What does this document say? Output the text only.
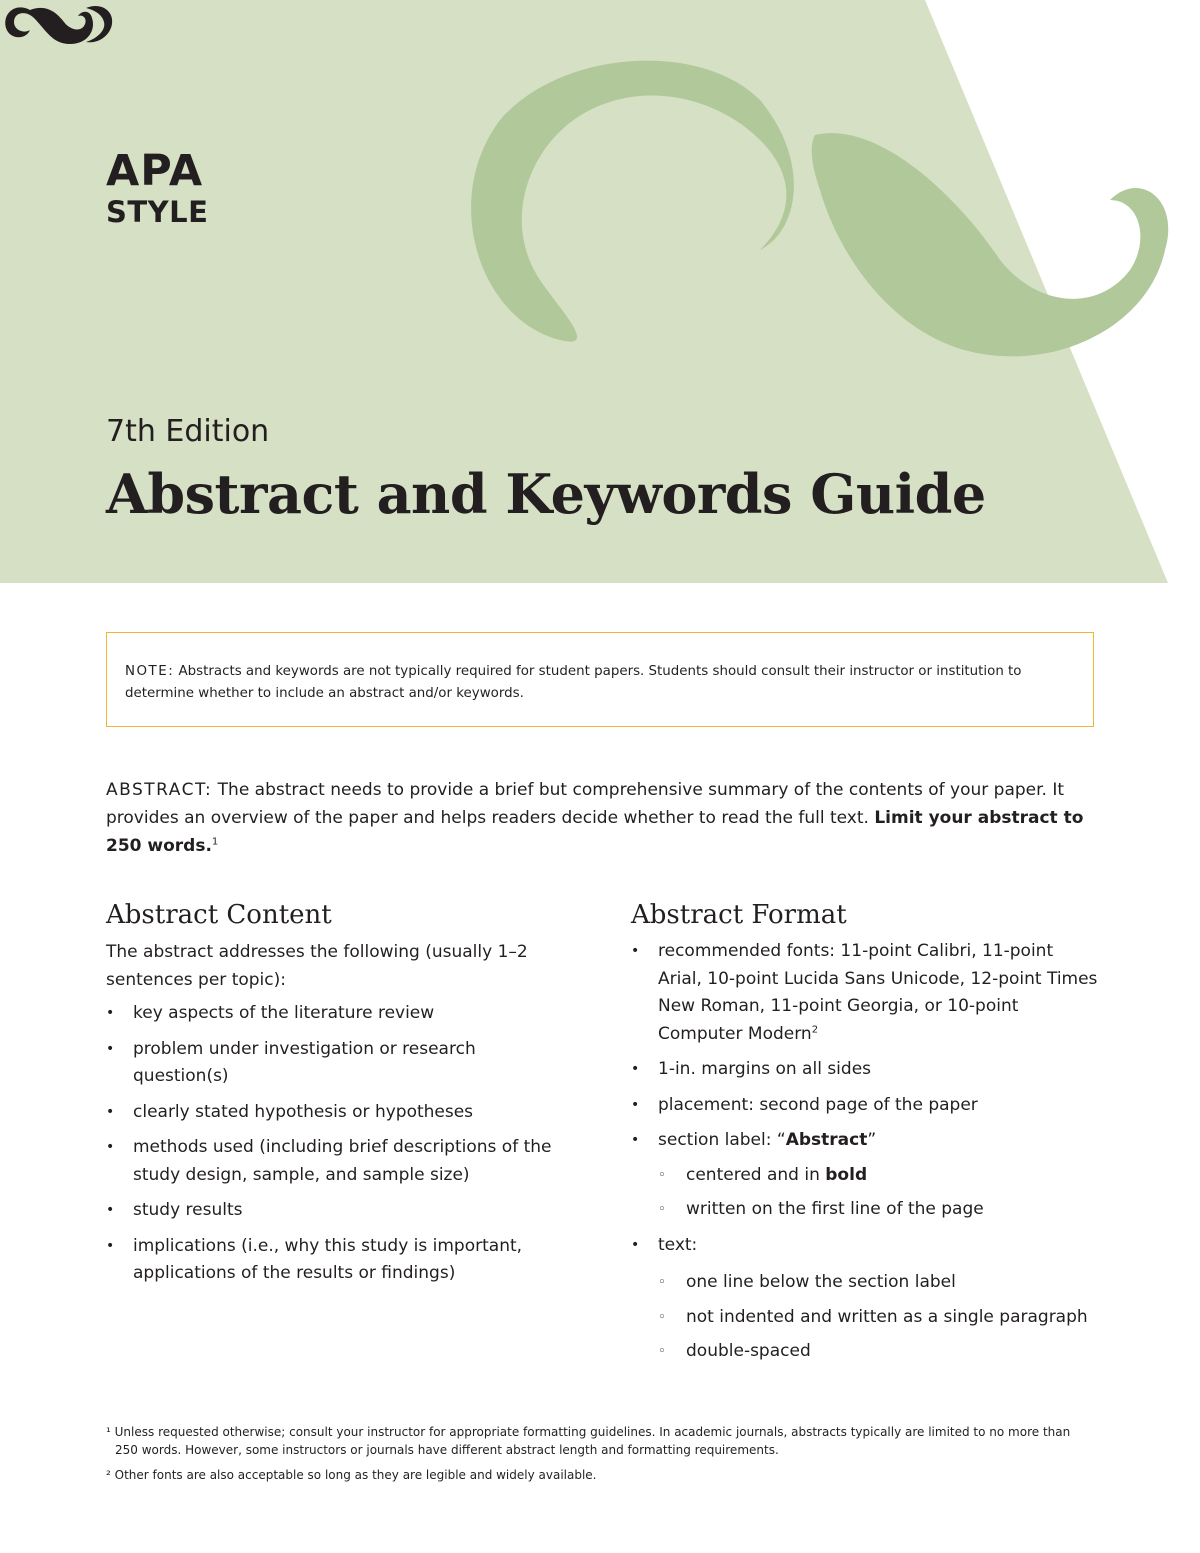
APA
STYLE
7th Edition
Abstract and Keywords Guide
NOTE: Abstracts and keywords are not typically required for student papers. Students should consult their instructor or institution to determine whether to include an abstract and/or keywords.
ABSTRACT: The abstract needs to provide a brief but comprehensive summary of the contents of your paper. It provides an overview of the paper and helps readers decide whether to read the full text. Limit your abstract to 250 words.$^1$
Abstract Content

The abstract addresses the following (usually 1–2 sentences per topic):

• key aspects of the literature review
• problem under investigation or research question(s)
• clearly stated hypothesis or hypotheses
• methods used (including brief descriptions of the study design, sample, and sample size)
• study results
• implications (i.e., why this study is important, applications of the results or findings)
Abstract Format
• recommended fonts: 11-point Calibri, 11-point Arial, 10-point Lucida Sans Unicode, 12-point Times New Roman, 11-point Georgia, or 10-point Computer Modern$^2$
• 1-in. margins on all sides
• placement: second page of the paper
• section label: “Abstract”
◦ centered and in bold
◦ written on the first line of the page
• text:
◦ one line below the section label
◦ not indented and written as a single paragraph
◦ double-spaced

¹ Unless requested otherwise; consult your instructor for appropriate formatting guidelines. In academic journals, abstracts typically are limited to no more than
250 words. However, some instructors or journals have different abstract length and formatting requirements.

² Other fonts are also acceptable so long as they are legible and widely available.
